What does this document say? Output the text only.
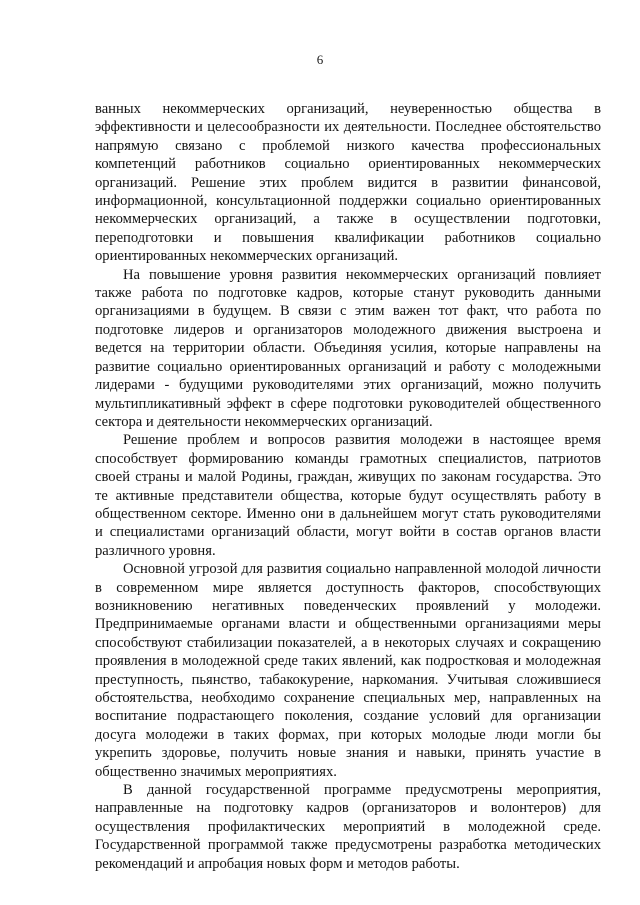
6

ванных некоммерческих организаций, неуверенностью общества в эффективности и целесообразности их деятельности. Последнее обстоятельство напрямую связано с проблемой низкого качества профессиональных компетенций работников социально ориентированных некоммерческих организаций. Решение этих проблем видится в развитии финансовой, информационной, консультационной поддержки социально ориентированных некоммерческих организаций, а также в осуществлении подготовки, переподготовки и повышения квалификации работников социально ориентированных некоммерческих организаций.

На повышение уровня развития некоммерческих организаций повлияет также работа по подготовке кадров, которые станут руководить данными организациями в будущем. В связи с этим важен тот факт, что работа по подготовке лидеров и организаторов молодежного движения выстроена и ведется на территории области. Объединяя усилия, которые направлены на развитие социально ориентированных организаций и работу с молодежными лидерами - будущими руководителями этих организаций, можно получить мультипликативный эффект в сфере подготовки руководителей общественного сектора и деятельности некоммерческих организаций.

Решение проблем и вопросов развития молодежи в настоящее время способствует формированию команды грамотных специалистов, патриотов своей страны и малой Родины, граждан, живущих по законам государства. Это те активные представители общества, которые будут осуществлять работу в общественном секторе. Именно они в дальнейшем могут стать руководителями и специалистами организаций области, могут войти в состав органов власти различного уровня.

Основной угрозой для развития социально направленной молодой личности в современном мире является доступность факторов, способствующих возникновению негативных поведенческих проявлений у молодежи. Предпринимаемые органами власти и общественными организациями меры способствуют стабилизации показателей, а в некоторых случаях и сокращению проявления в молодежной среде таких явлений, как подростковая и молодежная преступность, пьянство, табакокурение, наркомания. Учитывая сложившиеся обстоятельства, необходимо сохранение специальных мер, направленных на воспитание подрастающего поколения, создание условий для организации досуга молодежи в таких формах, при которых молодые люди могли бы укрепить здоровье, получить новые знания и навыки, принять участие в общественно значимых мероприятиях.

В данной государственной программе предусмотрены мероприятия, направленные на подготовку кадров (организаторов и волонтеров) для осуществления профилактических мероприятий в молодежной среде. Государственной программой также предусмотрены разработка методических рекомендаций и апробация новых форм и методов работы.
